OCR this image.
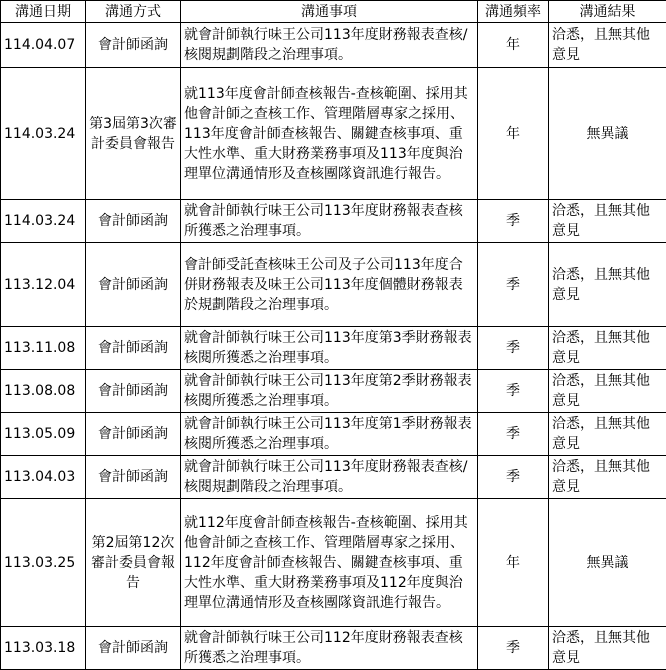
溝通日期	溝通方式	溝通事項	溝通頻率	溝通結果
114.04.07	會計師函詢	就會計師執行味王公司113年度財務報表查核/核閱規劃階段之治理事項。	年	洽悉，且無其他意見
114.03.24	第3屆第3次審計委員會報告	就113年度會計師查核報告-查核範圍、採用其他會計師之查核工作、管理階層專家之採用、113年度會計師查核報告、關鍵查核事項、重大性水準、重大財務業務事項及113年度與治理單位溝通情形及查核團隊資訊進行報告。	年	無異議
114.03.24	會計師函詢	就會計師執行味王公司113年度財務報表查核所獲悉之治理事項。	季	洽悉，且無其他意見
113.12.04	會計師函詢	會計師受託查核味王公司及子公司113年度合併財務報表及味王公司113年度個體財務報表於規劃階段之治理事項。	季	洽悉，且無其他意見
113.11.08	會計師函詢	就會計師執行味王公司113年度第3季財務報表核閱所獲悉之治理事項。	季	洽悉，且無其他意見
113.08.08	會計師函詢	就會計師執行味王公司113年度第2季財務報表核閱所獲悉之治理事項。	季	洽悉，且無其他意見
113.05.09	會計師函詢	就會計師執行味王公司113年度第1季財務報表核閱所獲悉之治理事項。	季	洽悉，且無其他意見
113.04.03	會計師函詢	就會計師執行味王公司113年度財務報表查核/核閱規劃階段之治理事項。	季	洽悉，且無其他意見
113.03.25	第2屆第12次審計委員會報告	就112年度會計師查核報告-查核範圍、採用其他會計師之查核工作、管理階層專家之採用、112年度會計師查核報告、關鍵查核事項、重大性水準、重大財務業務事項及112年度與治理單位溝通情形及查核團隊資訊進行報告。	年	無異議
113.03.18	會計師函詢	就會計師執行味王公司112年度財務報表查核所獲悉之治理事項。	季	洽悉，且無其他意見
